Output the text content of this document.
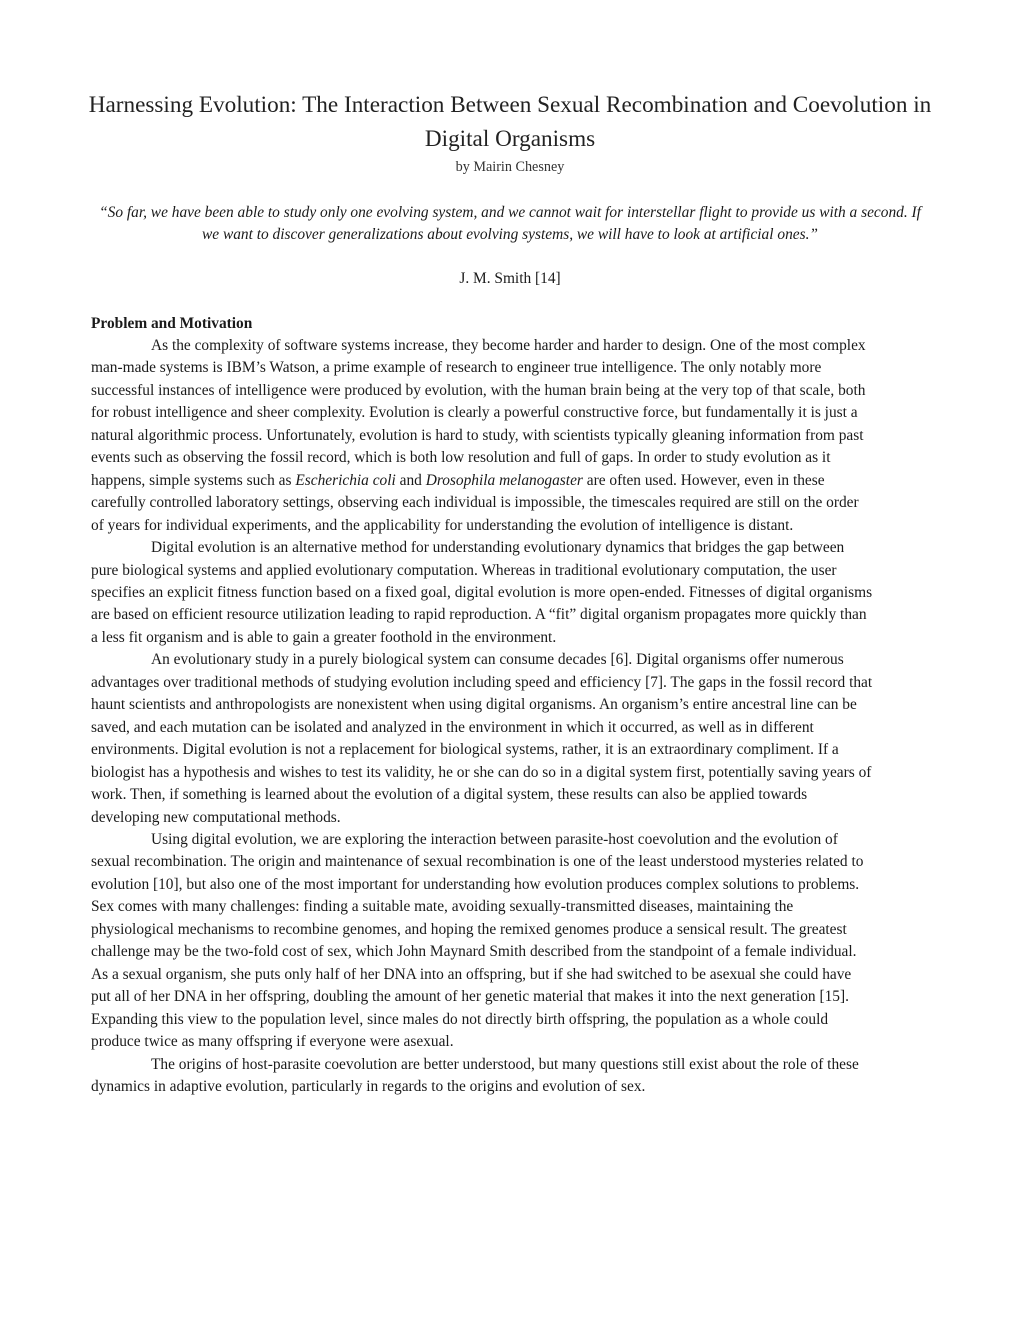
Harnessing Evolution: The Interaction Between Sexual Recombination and Coevolution in Digital Organisms
by Mairin Chesney
“So far, we have been able to study only one evolving system, and we cannot wait for interstellar flight to provide us with a second. If we want to discover generalizations about evolving systems, we will have to look at artificial ones.”
J. M. Smith [14]
Problem and Motivation

As the complexity of software systems increase, they become harder and harder to design. One of the most complex man-made systems is IBM’s Watson, a prime example of research to engineer true intelligence. The only notably more successful instances of intelligence were produced by evolution, with the human brain being at the very top of that scale, both for robust intelligence and sheer complexity. Evolution is clearly a powerful constructive force, but fundamentally it is just a natural algorithmic process. Unfortunately, evolution is hard to study, with scientists typically gleaning information from past events such as observing the fossil record, which is both low resolution and full of gaps. In order to study evolution as it happens, simple systems such as Escherichia coli and Drosophila melanogaster are often used. However, even in these carefully controlled laboratory settings, observing each individual is impossible, the timescales required are still on the order of years for individual experiments, and the applicability for understanding the evolution of intelligence is distant.

Digital evolution is an alternative method for understanding evolutionary dynamics that bridges the gap between pure biological systems and applied evolutionary computation. Whereas in traditional evolutionary computation, the user specifies an explicit fitness function based on a fixed goal, digital evolution is more open-ended. Fitnesses of digital organisms are based on efficient resource utilization leading to rapid reproduction. A “fit” digital organism propagates more quickly than a less fit organism and is able to gain a greater foothold in the environment.

An evolutionary study in a purely biological system can consume decades [6]. Digital organisms offer numerous advantages over traditional methods of studying evolution including speed and efficiency [7]. The gaps in the fossil record that haunt scientists and anthropologists are nonexistent when using digital organisms. An organism’s entire ancestral line can be saved, and each mutation can be isolated and analyzed in the environment in which it occurred, as well as in different environments. Digital evolution is not a replacement for biological systems, rather, it is an extraordinary compliment. If a biologist has a hypothesis and wishes to test its validity, he or she can do so in a digital system first, potentially saving years of work. Then, if something is learned about the evolution of a digital system, these results can also be applied towards developing new computational methods.

Using digital evolution, we are exploring the interaction between parasite-host coevolution and the evolution of sexual recombination. The origin and maintenance of sexual recombination is one of the least understood mysteries related to evolution [10], but also one of the most important for understanding how evolution produces complex solutions to problems. Sex comes with many challenges: finding a suitable mate, avoiding sexually-transmitted diseases, maintaining the physiological mechanisms to recombine genomes, and hoping the remixed genomes produce a sensical result. The greatest challenge may be the two-fold cost of sex, which John Maynard Smith described from the standpoint of a female individual. As a sexual organism, she puts only half of her DNA into an offspring, but if she had switched to be asexual she could have put all of her DNA in her offspring, doubling the amount of her genetic material that makes it into the next generation [15]. Expanding this view to the population level, since males do not directly birth offspring, the population as a whole could produce twice as many offspring if everyone were asexual.

The origins of host-parasite coevolution are better understood, but many questions still exist about the role of these dynamics in adaptive evolution, particularly in regards to the origins and evolution of sex.
